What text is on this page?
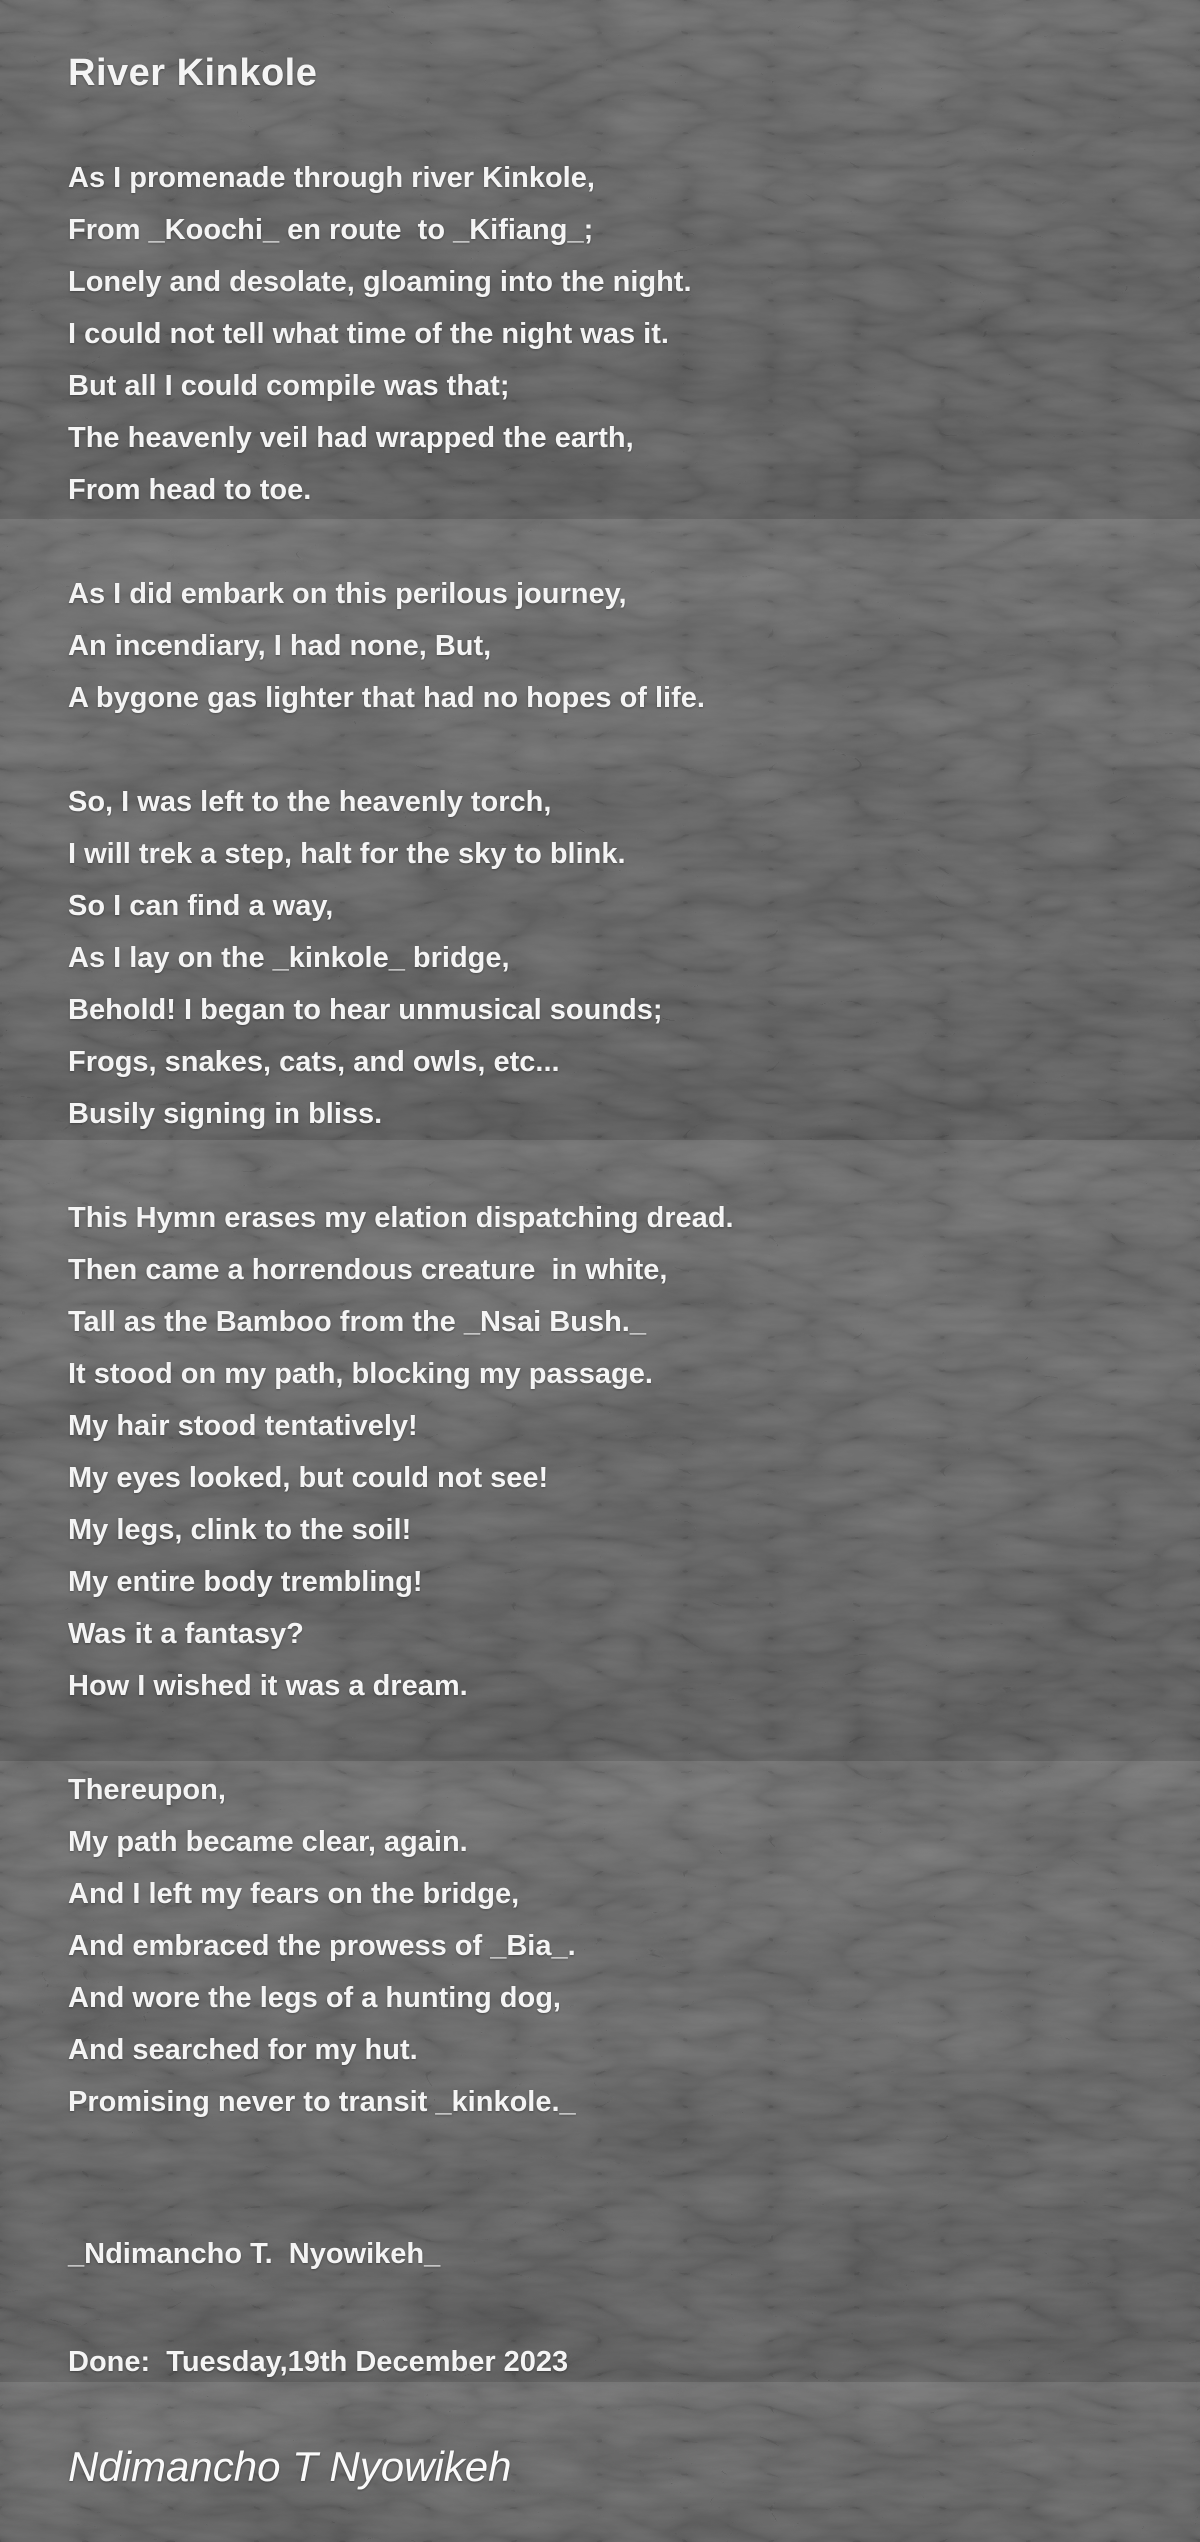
River Kinkole

As I promenade through river Kinkole,

From _Koochi_ en route  to _Kifiang_;

Lonely and desolate, gloaming into the night.

I could not tell what time of the night was it.

But all I could compile was that;

The heavenly veil had wrapped the earth,

From head to toe.

As I did embark on this perilous journey,

An incendiary, I had none, But,

A bygone gas lighter that had no hopes of life.

So, I was left to the heavenly torch,

I will trek a step, halt for the sky to blink.

So I can find a way,

As I lay on the _kinkole_ bridge,

Behold! I began to hear unmusical sounds;

Frogs, snakes, cats, and owls, etc...

Busily signing in bliss.

This Hymn erases my elation dispatching dread.

Then came a horrendous creature  in white,

Tall as the Bamboo from the _Nsai Bush._

It stood on my path, blocking my passage.

My hair stood tentatively!

My eyes looked, but could not see!

My legs, clink to the soil!

My entire body trembling!

Was it a fantasy?

How I wished it was a dream.

Thereupon,

My path became clear, again.

And I left my fears on the bridge,

And embraced the prowess of _Bia_.

And wore the legs of a hunting dog,

And searched for my hut.

Promising never to transit _kinkole._

_Ndimancho T.  Nyowikeh_

Done:  Tuesday,19th December 2023

Ndimancho T Nyowikeh
